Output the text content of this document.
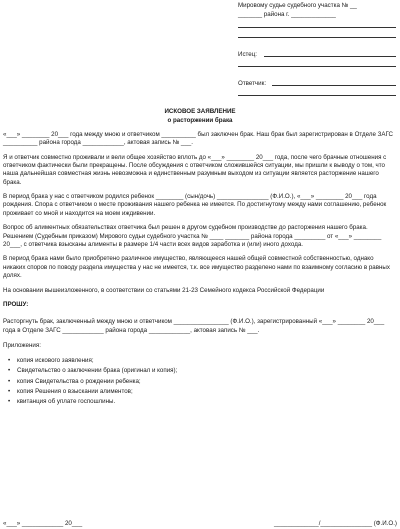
Мировому судье судебного участка № __
_______ района г. _____________
Истец:
Ответчик:
ИСКОВОЕ ЗАЯВЛЕНИЕ
о расторжении брака

«___» ________ 20___ года между мною и ответчиком __________ был заключен брак. Наш брак был зарегистрирован в Отделе ЗАГС __________ района города ____________, актовая запись № ___.

Я и ответчик совместно проживали и вели общее хозяйство вплоть до «___» ________ 20___ года, после чего брачные отношения с ответчиком фактически были прекращены. После обсуждения с ответчиком сложившейся ситуации, мы пришли к выводу о том, что наша дальнейшая совместная жизнь невозможна и единственным разумным выходом из ситуации является расторжение нашего брака.

В период брака у нас с ответчиком родился ребенок ________ (сын/дочь) _______________ (Ф.И.О.), «___» ________ 20___ года рождения. Спора с ответчиком о месте проживания нашего ребенка не имеется. По достигнутому между нами соглашению, ребенок проживает со мной и находится на моем иждивении.

Вопрос об алиментных обязательствах ответчика был решен в другом судебном производстве до расторжения нашего брака. Решением (Судебным приказом) Мирового судьи судебного участка № ____ _______ района города _________ от «___» ________ 20___, с ответчика взысканы алименты в размере 1/4 части всех видов заработка и (или) иного дохода.

В период брака нами было приобретено различное имущество, являющееся нашей общей совместной собственностью, однако никаких споров по поводу раздела имущества у нас не имеется, т.к. все имущество разделено нами по взаимному согласию в равных долях.

На основании вышеизложенного, в соответствии со статьями 21-23 Семейного кодекса Российской Федерации

ПРОШУ:

Расторгнуть брак, заключенный между мною и ответчиком ________________ (Ф.И.О.), зарегистрированный «___» ________ 20___ года в Отделе ЗАГС ____________ района города ____________, актовая запись № ___.

Приложения:

• копия искового заявления;
• Свидетельство о заключении брака (оригинал и копия);
• копия Свидетельства о рождении ребенка;
• копия Решения о взыскании алиментов;
• квитанция об уплате госпошлины.
«___» ____________ 20___	_____________/_______________ (Ф.И.О.)
